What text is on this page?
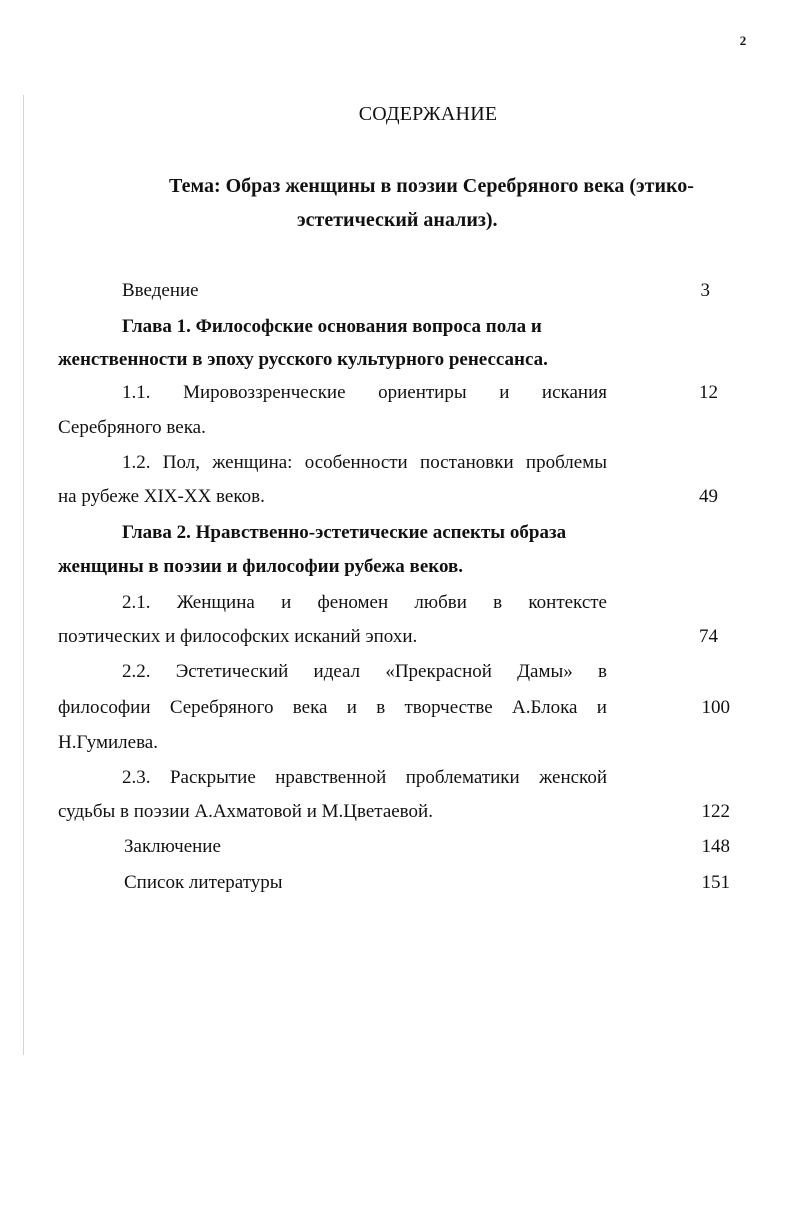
2
СОДЕРЖАНИЕ
Тема: Образ женщины в поэзии Серебряного века (этико-
эстетический анализ).
Введение	3
Глава 1. Философские основания вопроса пола и
женственности в эпоху русского культурного ренессанса.
1.1. Мировоззренческие ориентиры и искания	12
Серебряного века.
1.2. Пол, женщина: особенности постановки проблемы
на рубеже XIX-XX веков.	49
Глава 2. Нравственно-эстетические аспекты образа
женщины в поэзии и философии рубежа веков.
2.1. Женщина и феномен любви в контексте
поэтических и философских исканий эпохи.	74
2.2. Эстетический идеал «Прекрасной Дамы» в
философии Серебряного века и в творчестве А.Блока и	100
Н.Гумилева.
2.3. Раскрытие нравственной проблематики женской
судьбы в поэзии А.Ахматовой и М.Цветаевой.	122
Заключение	148
Список литературы	151
